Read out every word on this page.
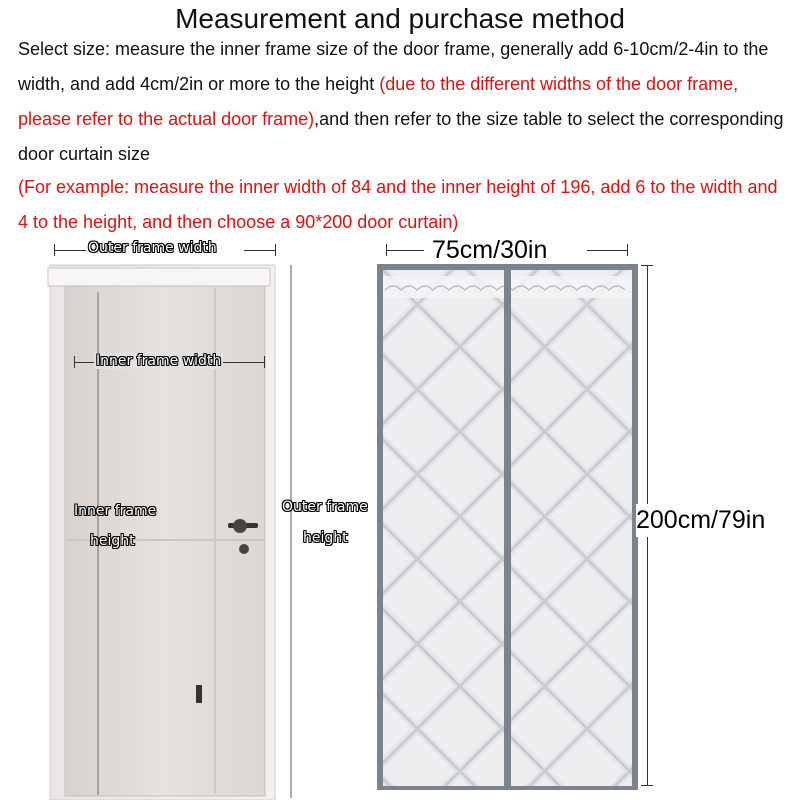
Measurement and purchase method
Select size: measure the inner frame size of the door frame, generally add 6-10cm/2-4in to the width, and add 4cm/2in or more to the height (due to the different widths of the door frame, please refer to the actual door frame),and then refer to the size table to select the corresponding door curtain size
(For example: measure the inner width of 84 and the inner height of 196, add 6 to the width and 4 to the height, and then choose a 90*200 door curtain)
Outer frame width
Inner frame width
Inner frame
height
Outer frame
height
75cm/30in
200cm/79in
